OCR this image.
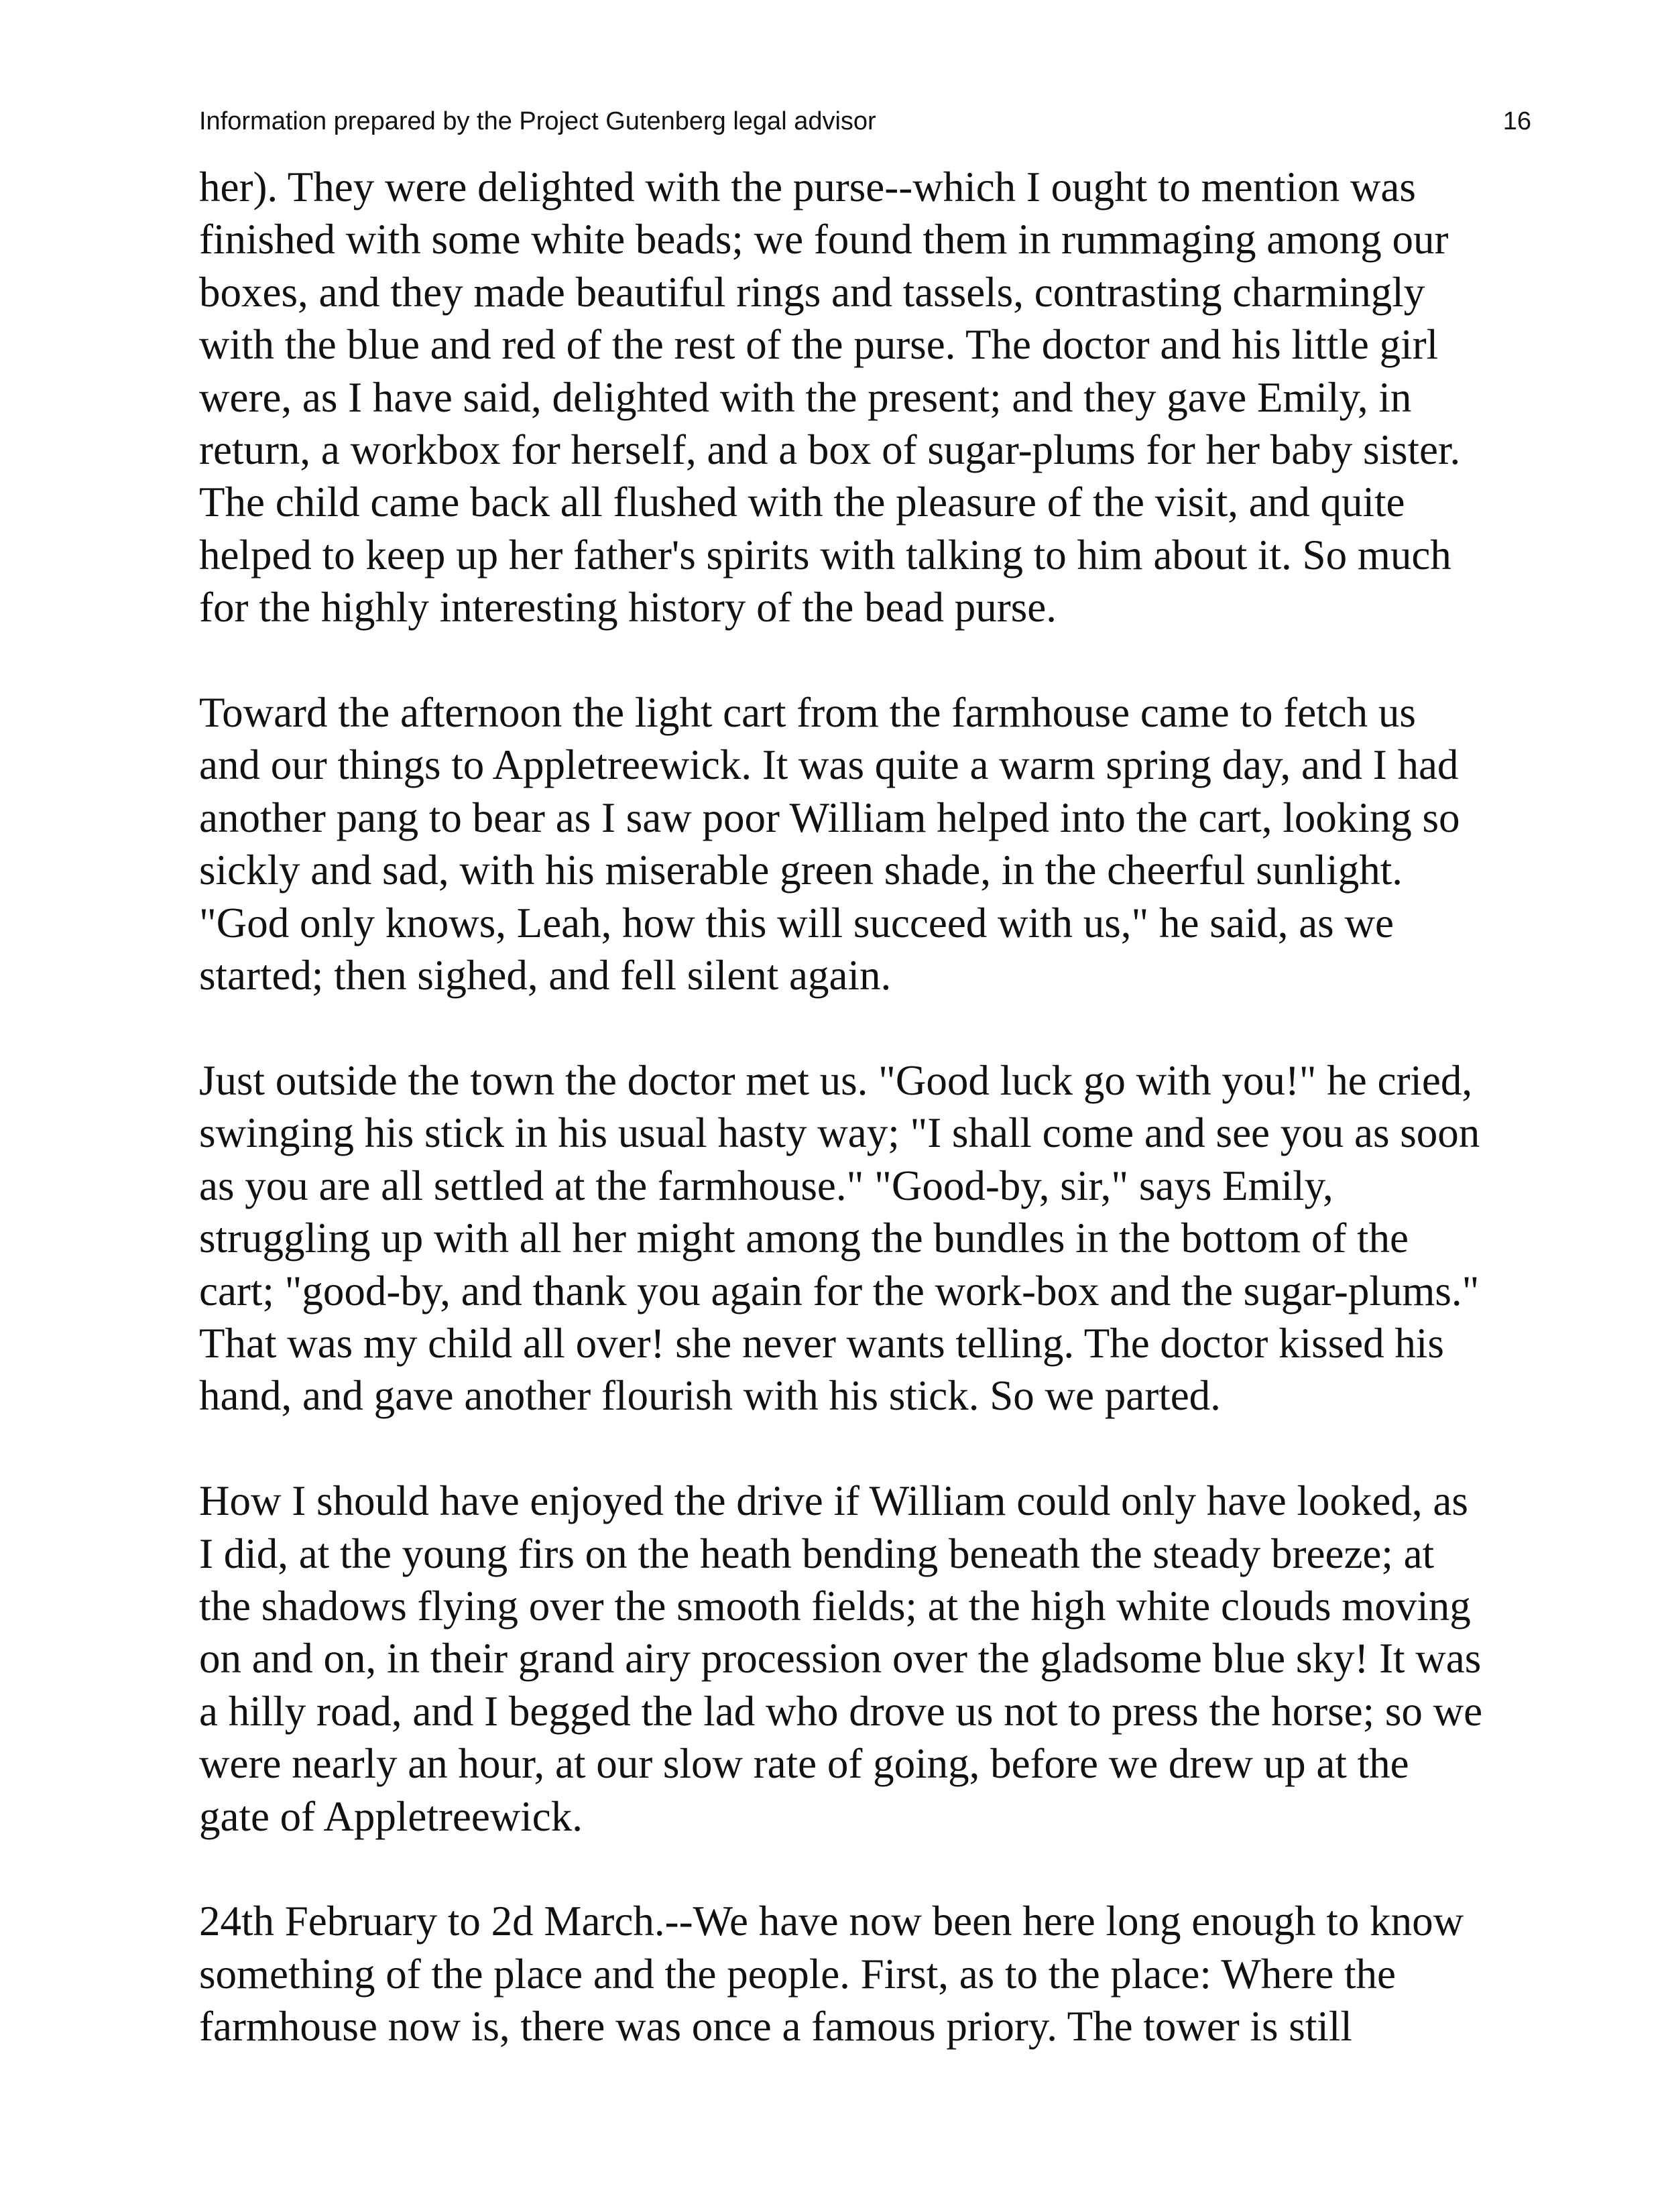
Information prepared by the Project Gutenberg legal advisor	16

her). They were delighted with the purse--which I ought to mention was
finished with some white beads; we found them in rummaging among our
boxes, and they made beautiful rings and tassels, contrasting charmingly
with the blue and red of the rest of the purse. The doctor and his little girl
were, as I have said, delighted with the present; and they gave Emily, in
return, a workbox for herself, and a box of sugar-plums for her baby sister.
The child came back all flushed with the pleasure of the visit, and quite
helped to keep up her father's spirits with talking to him about it. So much
for the highly interesting history of the bead purse.

Toward the afternoon the light cart from the farmhouse came to fetch us
and our things to Appletreewick. It was quite a warm spring day, and I had
another pang to bear as I saw poor William helped into the cart, looking so
sickly and sad, with his miserable green shade, in the cheerful sunlight.
"God only knows, Leah, how this will succeed with us," he said, as we
started; then sighed, and fell silent again.

Just outside the town the doctor met us. "Good luck go with you!" he cried,
swinging his stick in his usual hasty way; "I shall come and see you as soon
as you are all settled at the farmhouse." "Good-by, sir," says Emily,
struggling up with all her might among the bundles in the bottom of the
cart; "good-by, and thank you again for the work-box and the sugar-plums."
That was my child all over! she never wants telling. The doctor kissed his
hand, and gave another flourish with his stick. So we parted.

How I should have enjoyed the drive if William could only have looked, as
I did, at the young firs on the heath bending beneath the steady breeze; at
the shadows flying over the smooth fields; at the high white clouds moving
on and on, in their grand airy procession over the gladsome blue sky! It was
a hilly road, and I begged the lad who drove us not to press the horse; so we
were nearly an hour, at our slow rate of going, before we drew up at the
gate of Appletreewick.

24th February to 2d March.--We have now been here long enough to know
something of the place and the people. First, as to the place: Where the
farmhouse now is, there was once a famous priory. The tower is still
